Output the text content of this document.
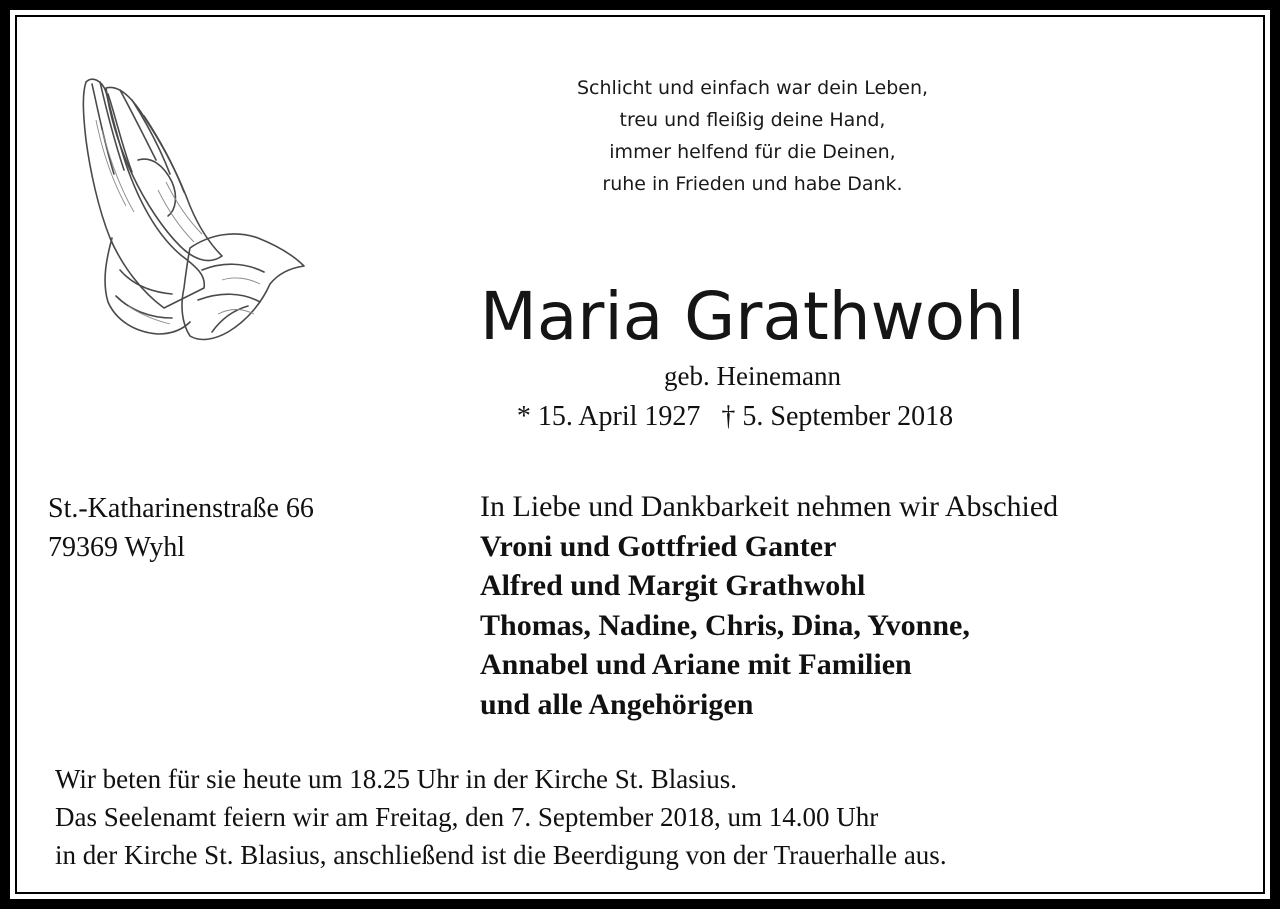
Schlicht und einfach war dein Leben,
treu und fleißig deine Hand,
immer helfend für die Deinen,
ruhe in Frieden und habe Dank.
Maria Grathwohl
geb. Heinemann
* 15. April 1927   † 5. September 2018
St.-Katharinenstraße 66
79369 Wyhl
In Liebe und Dankbarkeit nehmen wir Abschied
Vroni und Gottfried Ganter
Alfred und Margit Grathwohl
Thomas, Nadine, Chris, Dina, Yvonne,
Annabel und Ariane mit Familien
und alle Angehörigen
Wir beten für sie heute um 18.25 Uhr in der Kirche St. Blasius.
Das Seelenamt feiern wir am Freitag, den 7. September 2018, um 14.00 Uhr
in der Kirche St. Blasius, anschließend ist die Beerdigung von der Trauerhalle aus.
